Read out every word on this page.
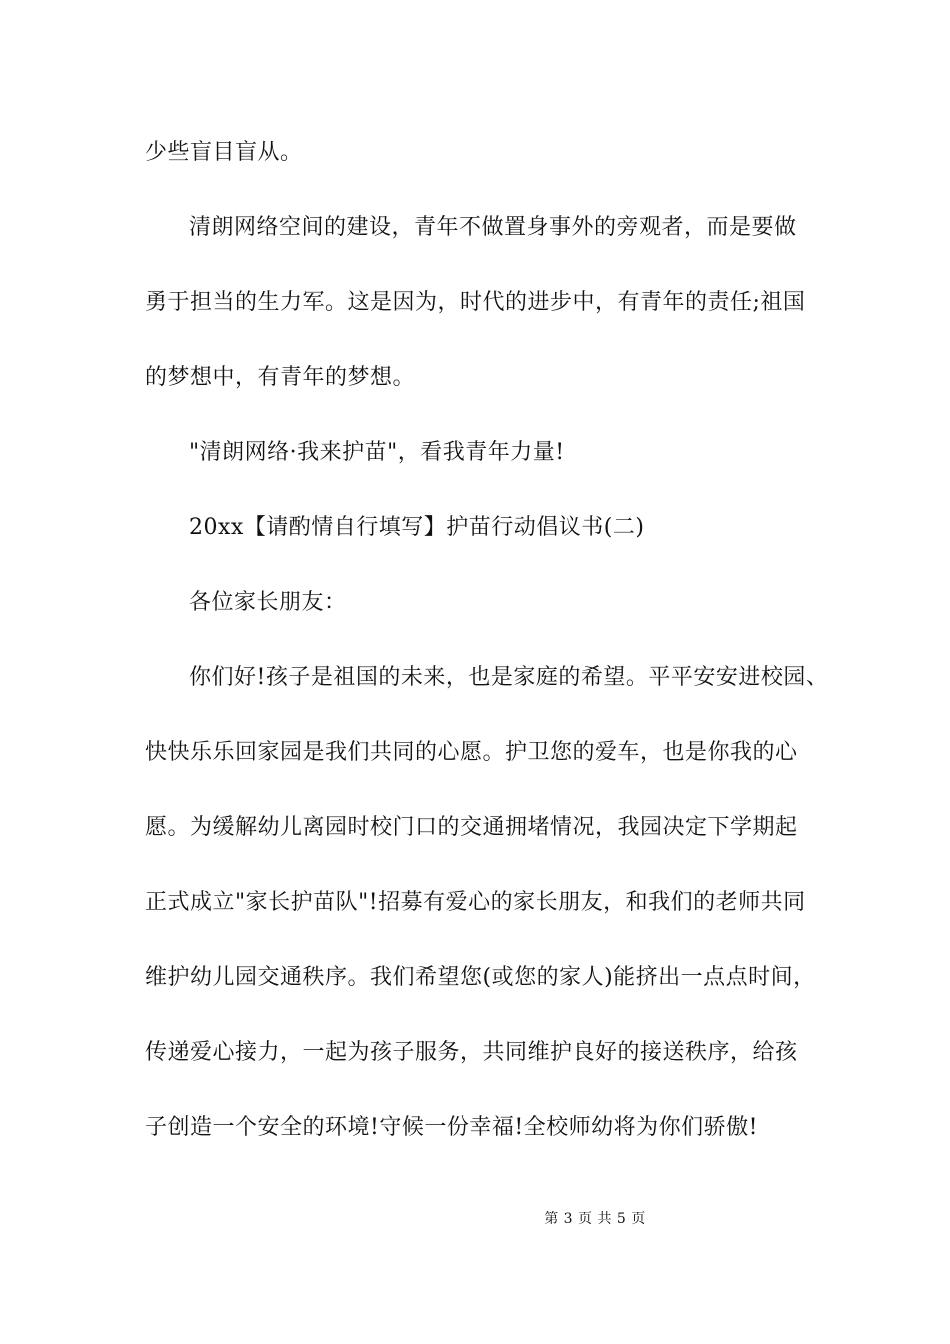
少些盲目盲从。
清朗网络空间的建设，青年不做置身事外的旁观者，而是要做
勇于担当的生力军。这是因为，时代的进步中，有青年的责任;祖国
的梦想中，有青年的梦想。
"清朗网络·我来护苗"，看我青年力量!
20xx【请酌情自行填写】护苗行动倡议书(二)
各位家长朋友：
你们好!孩子是祖国的未来，也是家庭的希望。平平安安进校园、
快快乐乐回家园是我们共同的心愿。护卫您的爱车，也是你我的心
愿。为缓解幼儿离园时校门口的交通拥堵情况，我园决定下学期起
正式成立"家长护苗队"!招募有爱心的家长朋友，和我们的老师共同
维护幼儿园交通秩序。我们希望您(或您的家人)能挤出一点点时间，
传递爱心接力，一起为孩子服务，共同维护良好的接送秩序，给孩
子创造一个安全的环境!守候一份幸福!全校师幼将为你们骄傲!
第 3 页 共 5 页
